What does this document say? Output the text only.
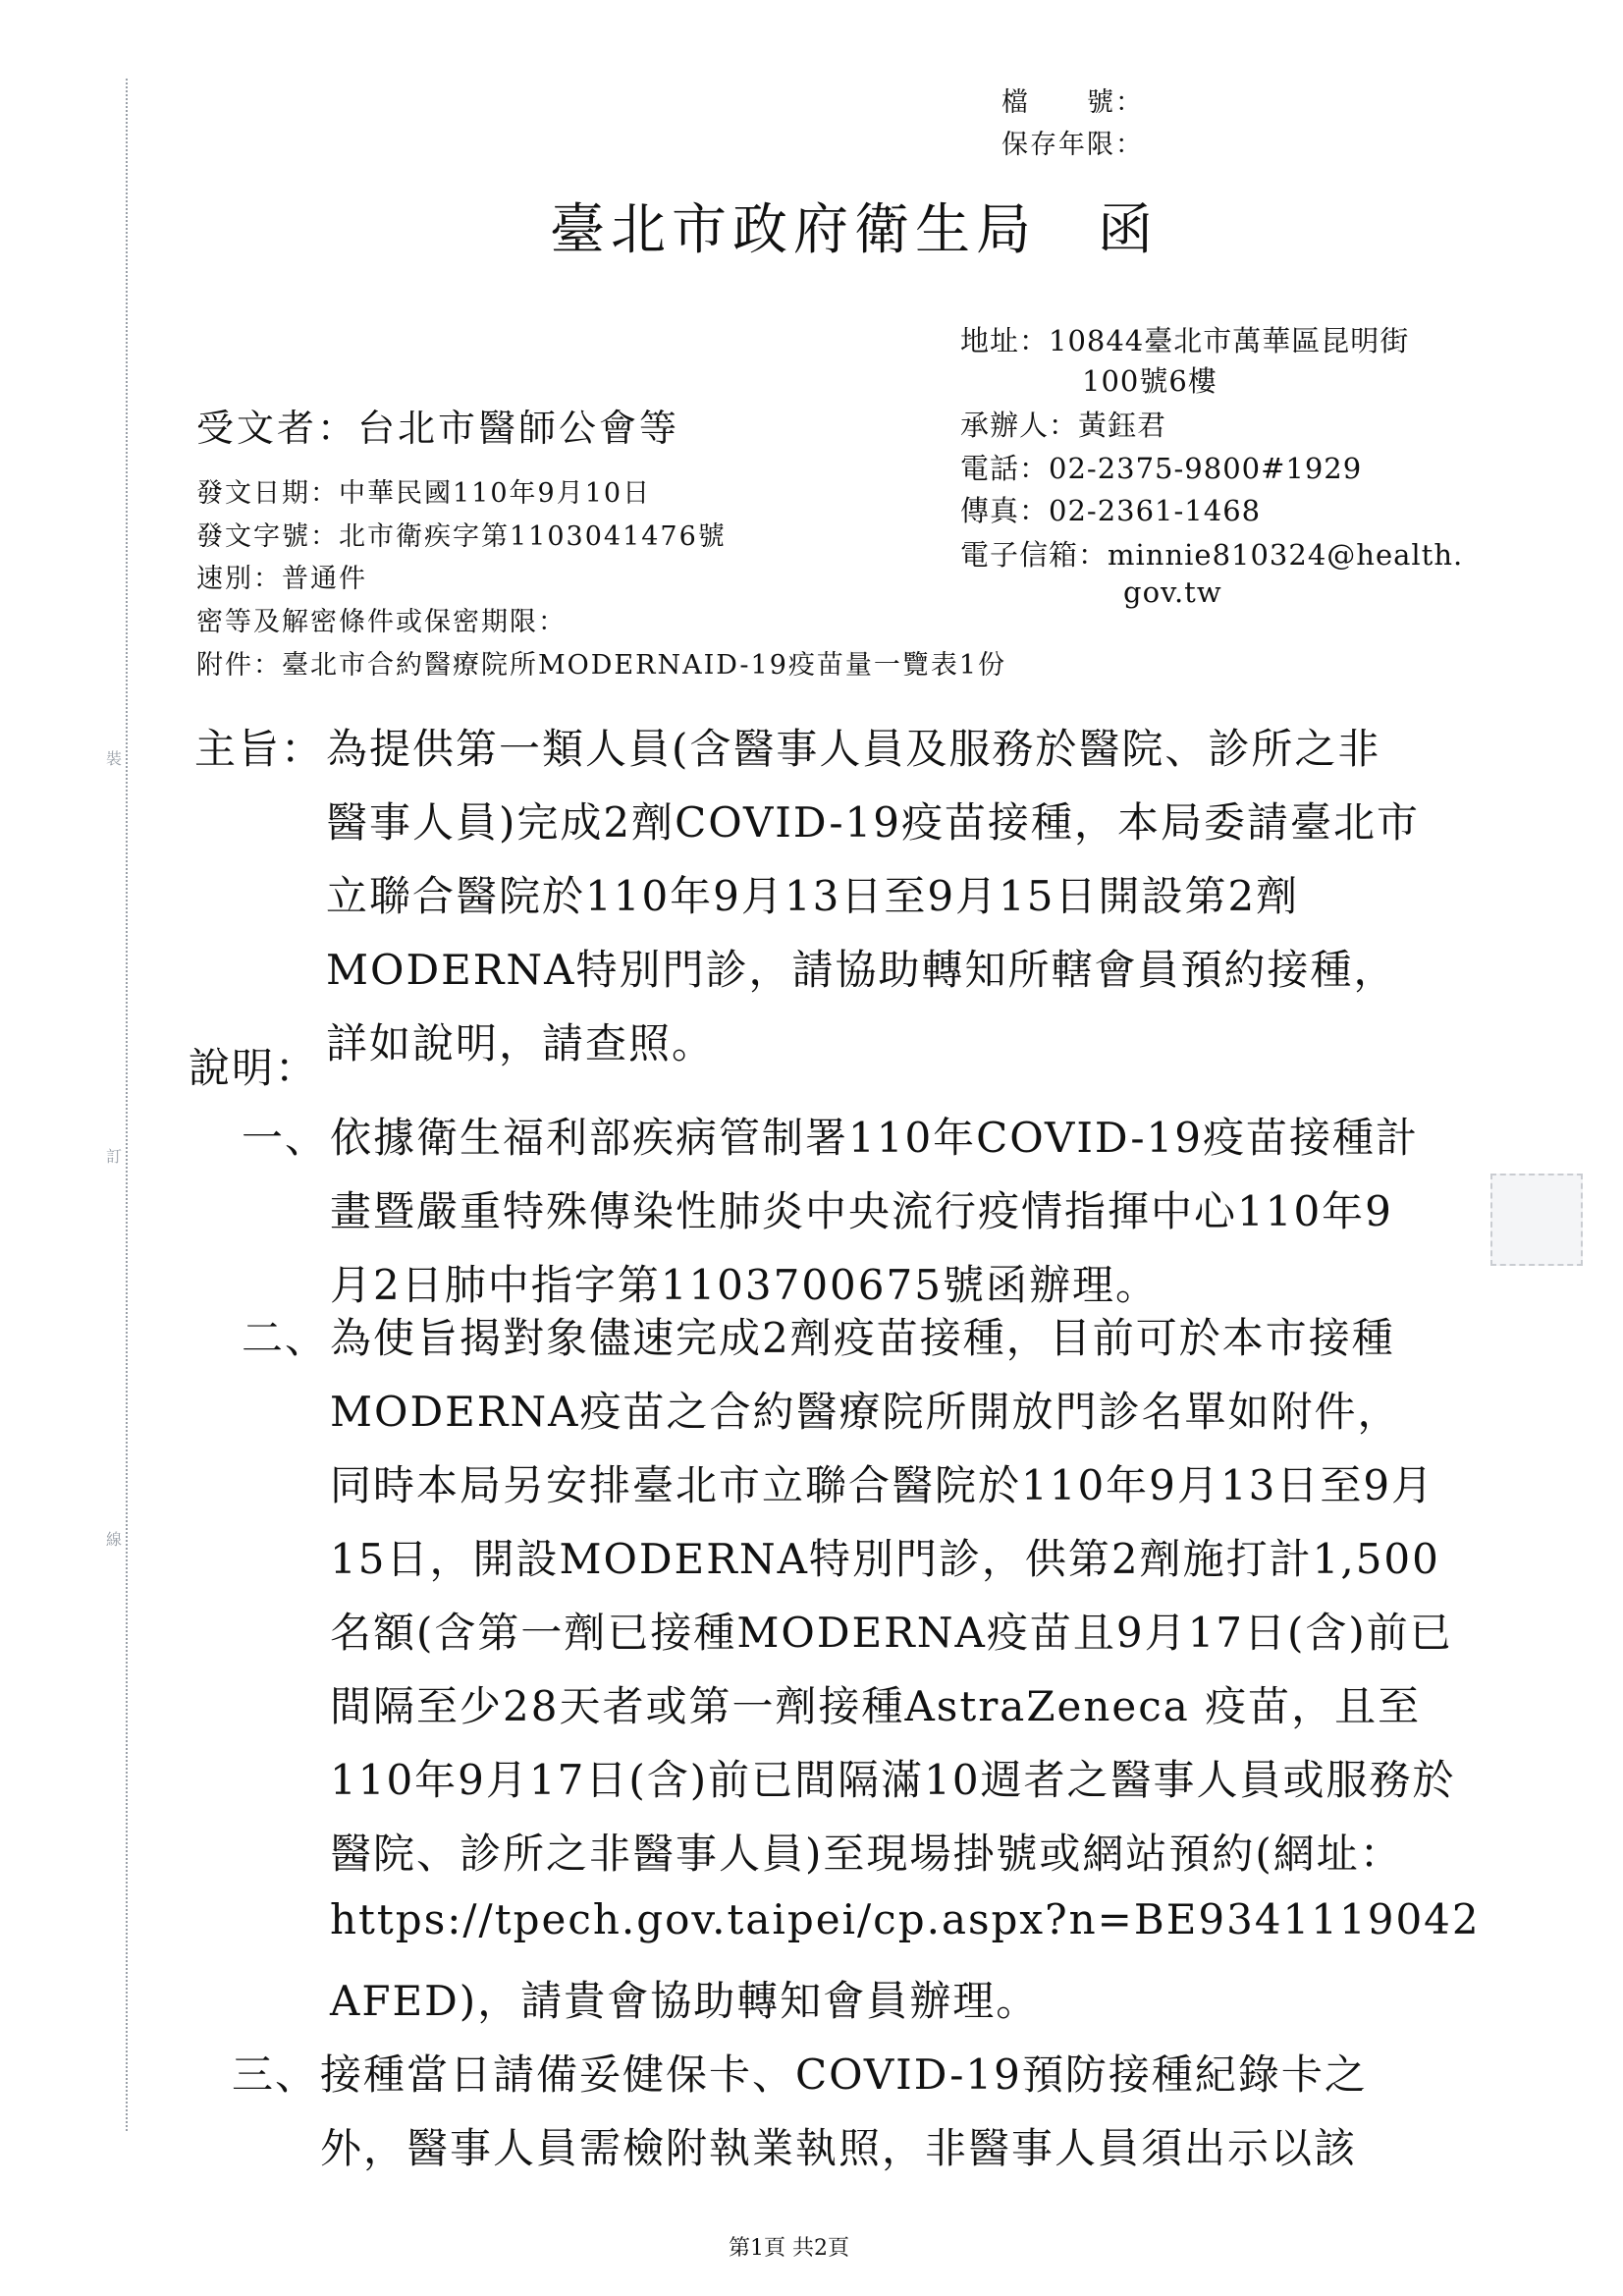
裝
訂
線
檔　　號：
保存年限：
臺北市政府衛生局　函
地址：10844臺北市萬華區昆明街
100號6樓
承辦人：黃鈺君
電話：02-2375-9800#1929
傳真：02-2361-1468
電子信箱：minnie810324@health.
gov.tw
受文者：台北市醫師公會等
發文日期：中華民國110年9月10日
發文字號：北市衛疾字第1103041476號
速別：普通件
密等及解密條件或保密期限：
附件：臺北市合約醫療院所MODERNAID-19疫苗量一覽表1份
主旨： 為提供第一類人員(含醫事人員及服務於醫院、診所之非
醫事人員)完成2劑COVID-19疫苗接種，本局委請臺北市
立聯合醫院於110年9月13日至9月15日開設第2劑
MODERNA特別門診，請協助轉知所轄會員預約接種，
詳如說明，請查照。
說明：
一、 依據衛生福利部疾病管制署110年COVID-19疫苗接種計
畫暨嚴重特殊傳染性肺炎中央流行疫情指揮中心110年9
月2日肺中指字第1103700675號函辦理。
二、 為使旨揭對象儘速完成2劑疫苗接種，目前可於本市接種
MODERNA疫苗之合約醫療院所開放門診名單如附件，
同時本局另安排臺北市立聯合醫院於110年9月13日至9月
15日，開設MODERNA特別門診，供第2劑施打計1,500
名額(含第一劑已接種MODERNA疫苗且9月17日(含)前已
間隔至少28天者或第一劑接種AstraZeneca 疫苗，且至
110年9月17日(含)前已間隔滿10週者之醫事人員或服務於
醫院、診所之非醫事人員)至現場掛號或網站預約(網址：
https://tpech.gov.taipei/cp.aspx?n=BE9341119042
AFED)，請貴會協助轉知會員辦理。
三、 接種當日請備妥健保卡、COVID-19預防接種紀錄卡之
外，醫事人員需檢附執業執照，非醫事人員須出示以該
第1頁 共2頁
